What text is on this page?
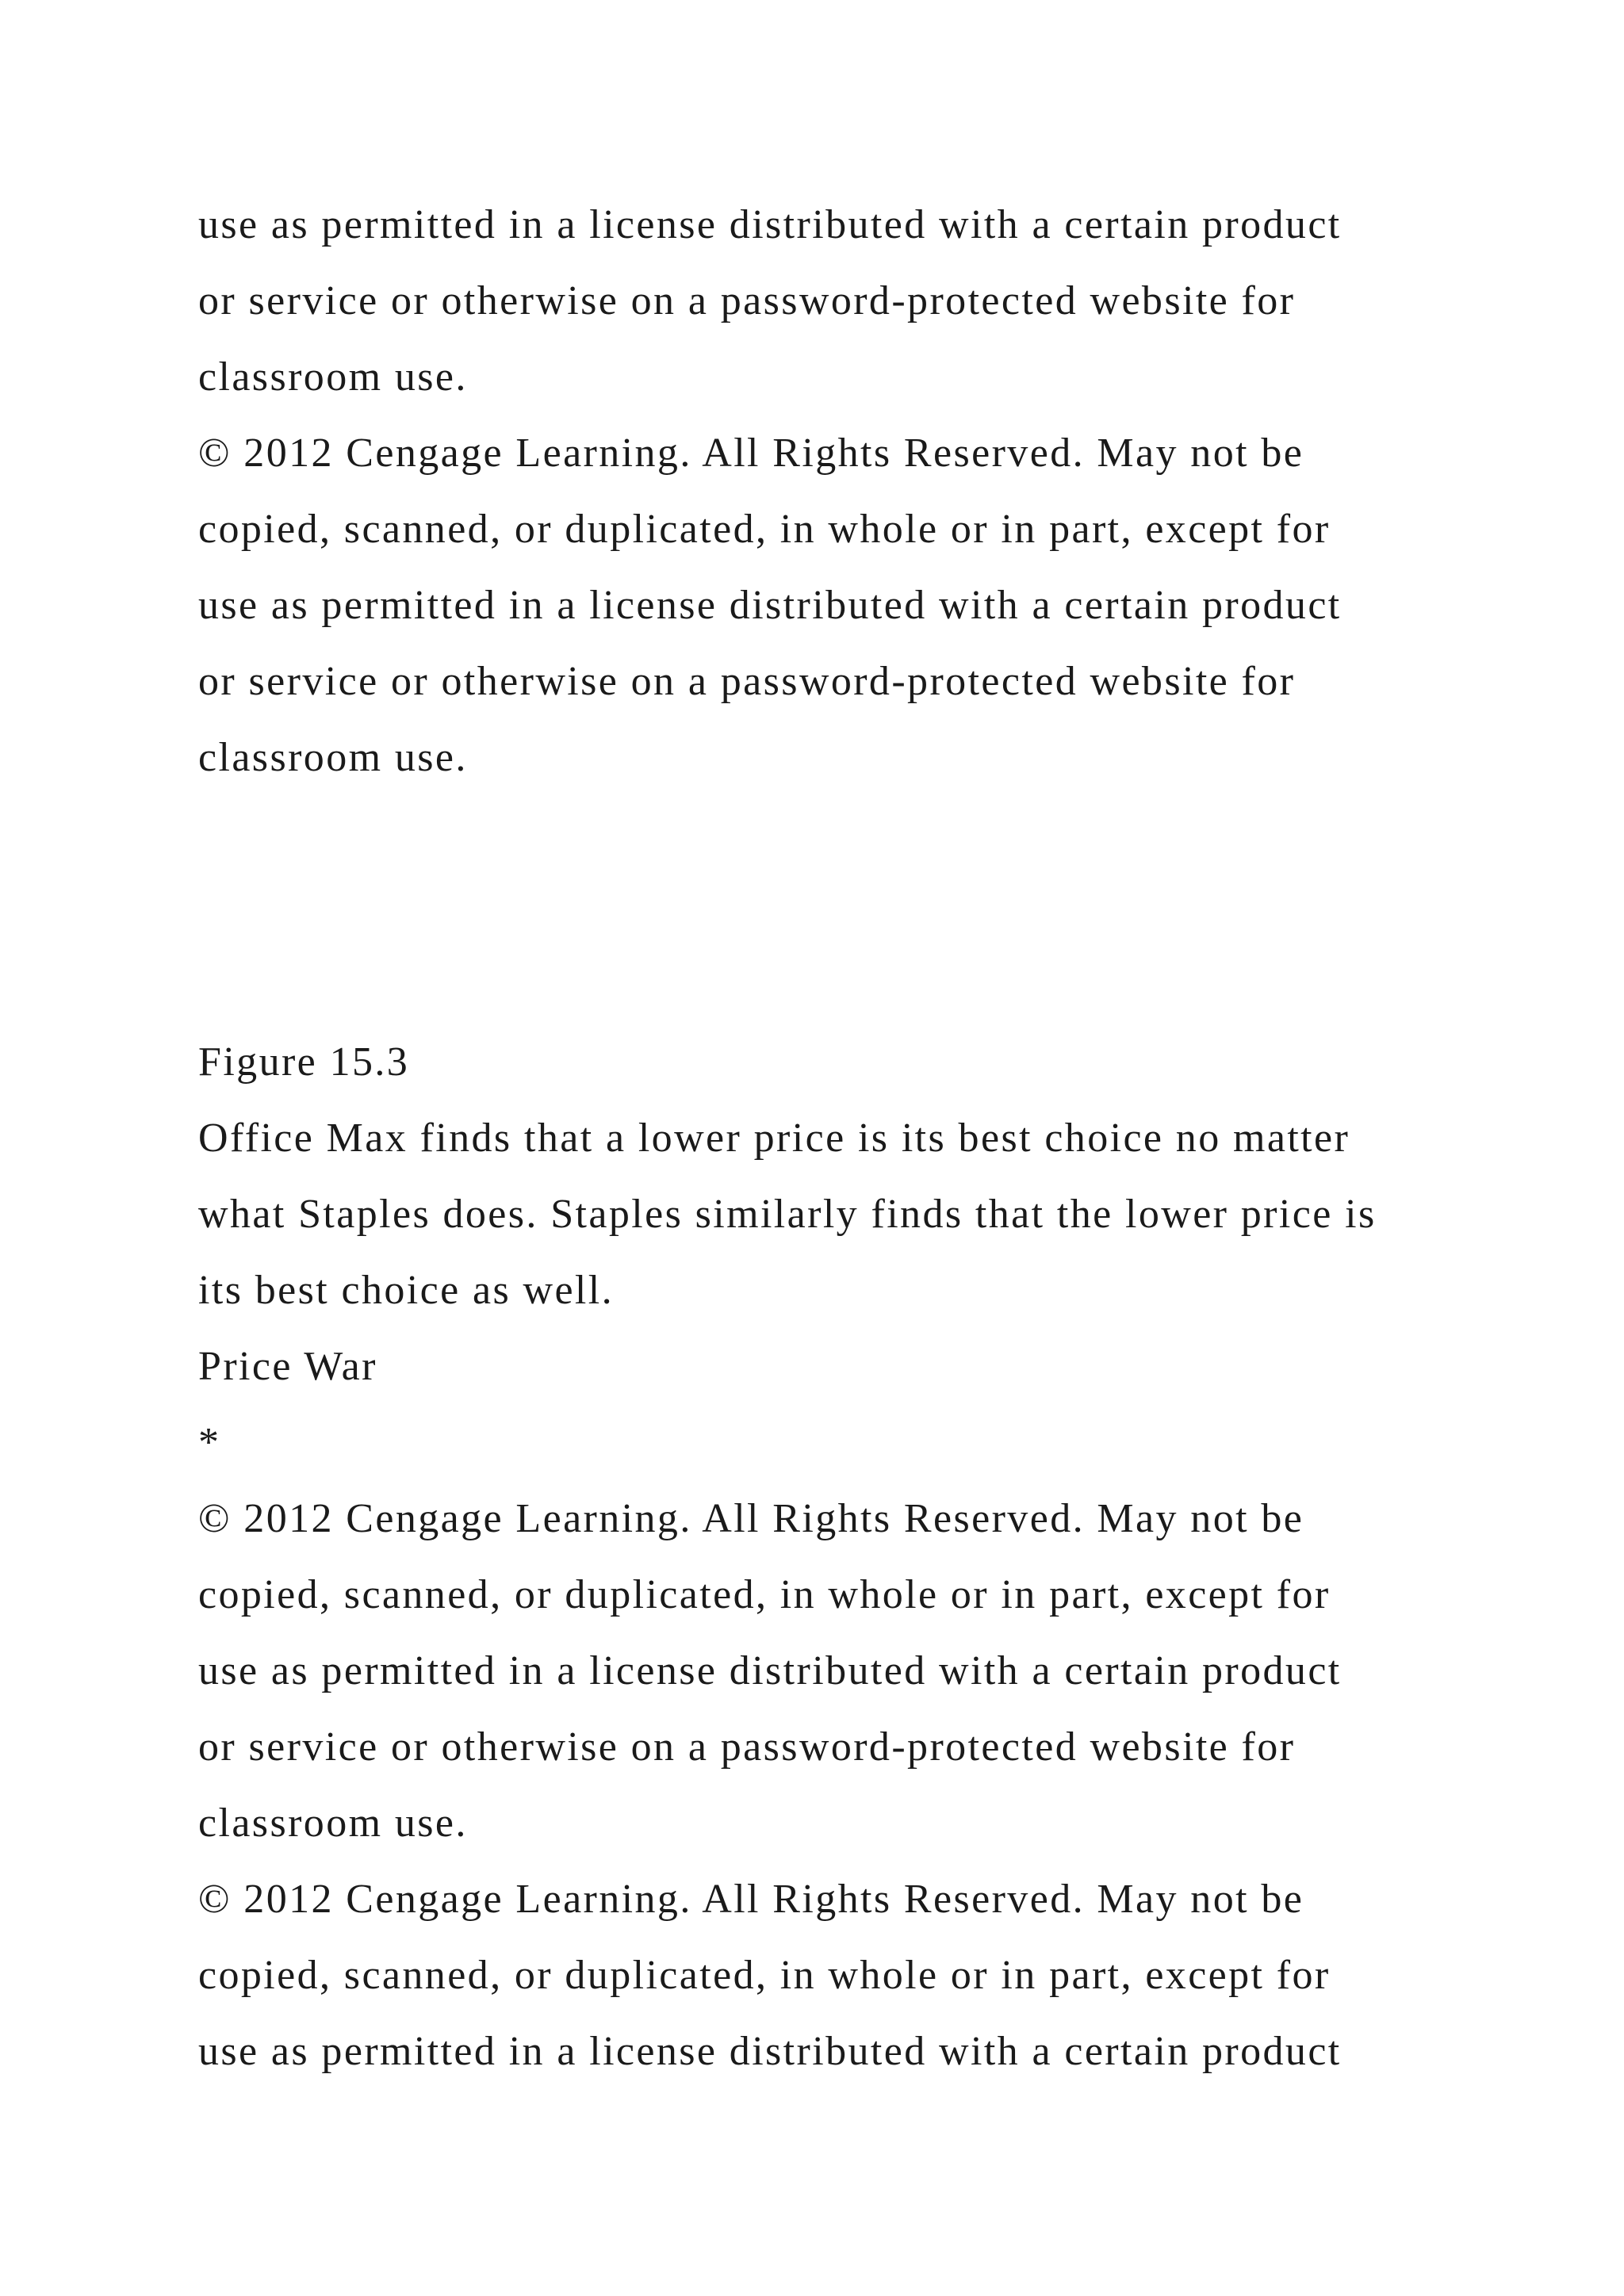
use as permitted in a license distributed with a certain product
or service or otherwise on a password-protected website for
classroom use.
© 2012 Cengage Learning. All Rights Reserved. May not be
copied, scanned, or duplicated, in whole or in part, except for
use as permitted in a license distributed with a certain product
or service or otherwise on a password-protected website for
classroom use.
Figure 15.3
Office Max finds that a lower price is its best choice no matter
what Staples does. Staples similarly finds that the lower price is
its best choice as well.
Price War
*
© 2012 Cengage Learning. All Rights Reserved. May not be
copied, scanned, or duplicated, in whole or in part, except for
use as permitted in a license distributed with a certain product
or service or otherwise on a password-protected website for
classroom use.
© 2012 Cengage Learning. All Rights Reserved. May not be
copied, scanned, or duplicated, in whole or in part, except for
use as permitted in a license distributed with a certain product
